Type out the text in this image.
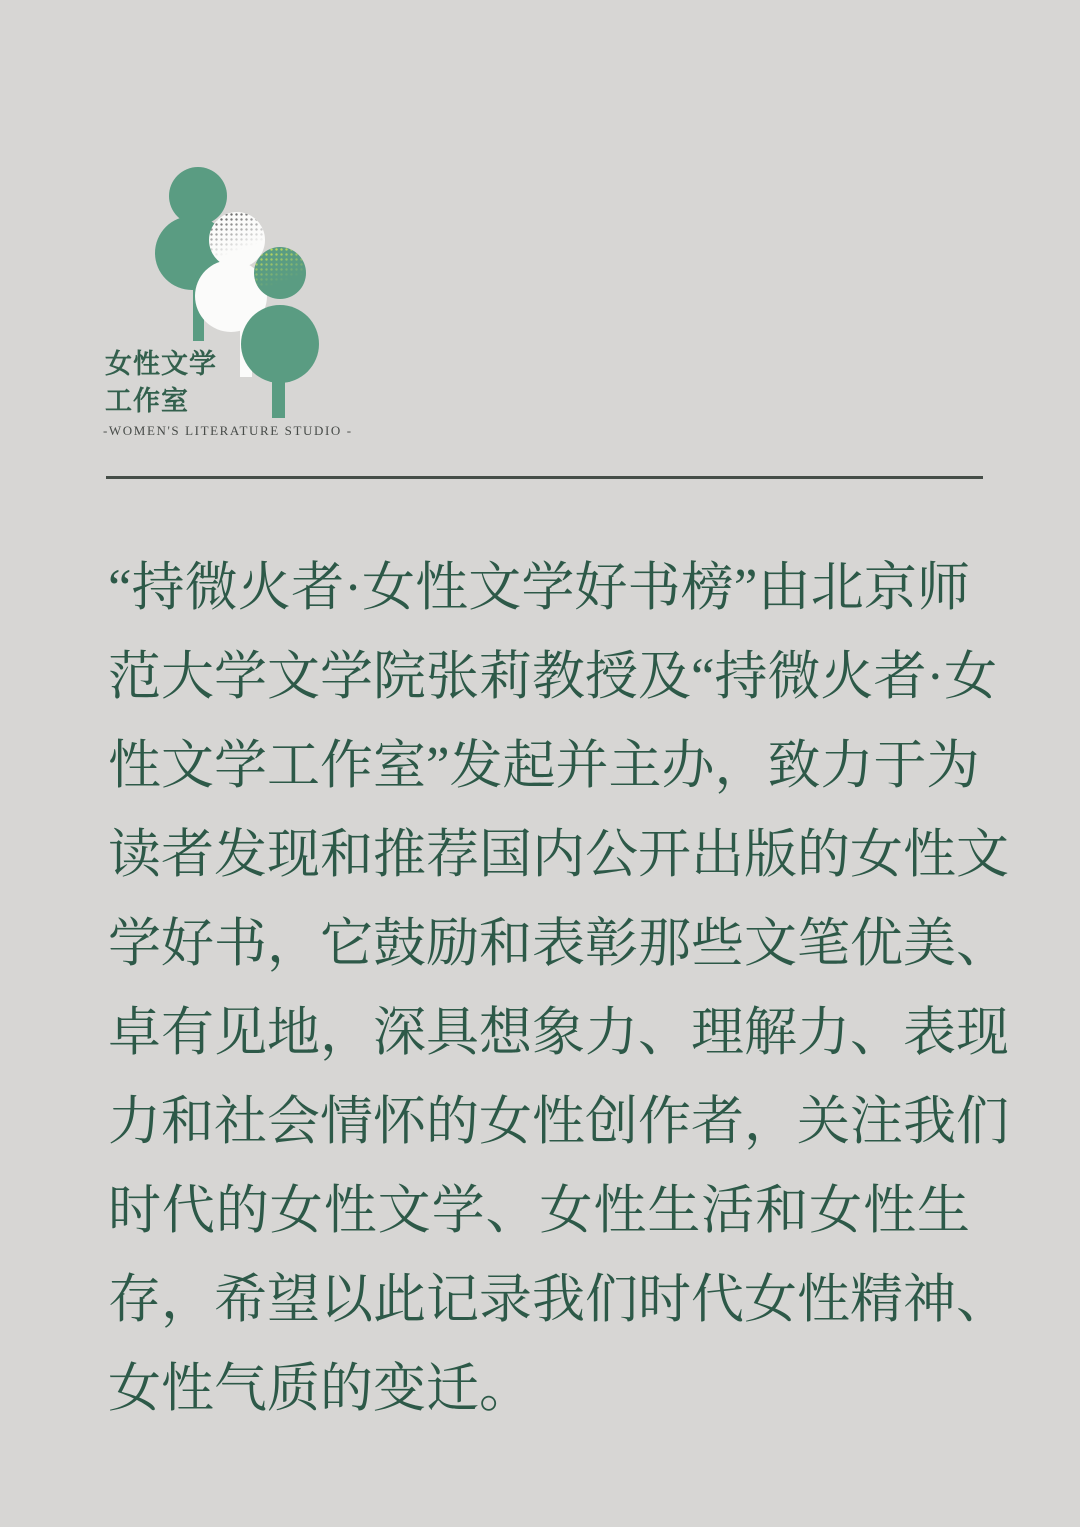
女性文学
工作室
-WOMEN'S LITERATURE STUDIO -
“持微火者·女性文学好书榜”由北京师
范大学文学院张莉教授及“持微火者·女
性文学工作室”发起并主办，致力于为
读者发现和推荐国内公开出版的女性文
学好书，它鼓励和表彰那些文笔优美、
卓有见地，深具想象力、理解力、表现
力和社会情怀的女性创作者，关注我们
时代的女性文学、女性生活和女性生
存，希望以此记录我们时代女性精神、
女性气质的变迁。
